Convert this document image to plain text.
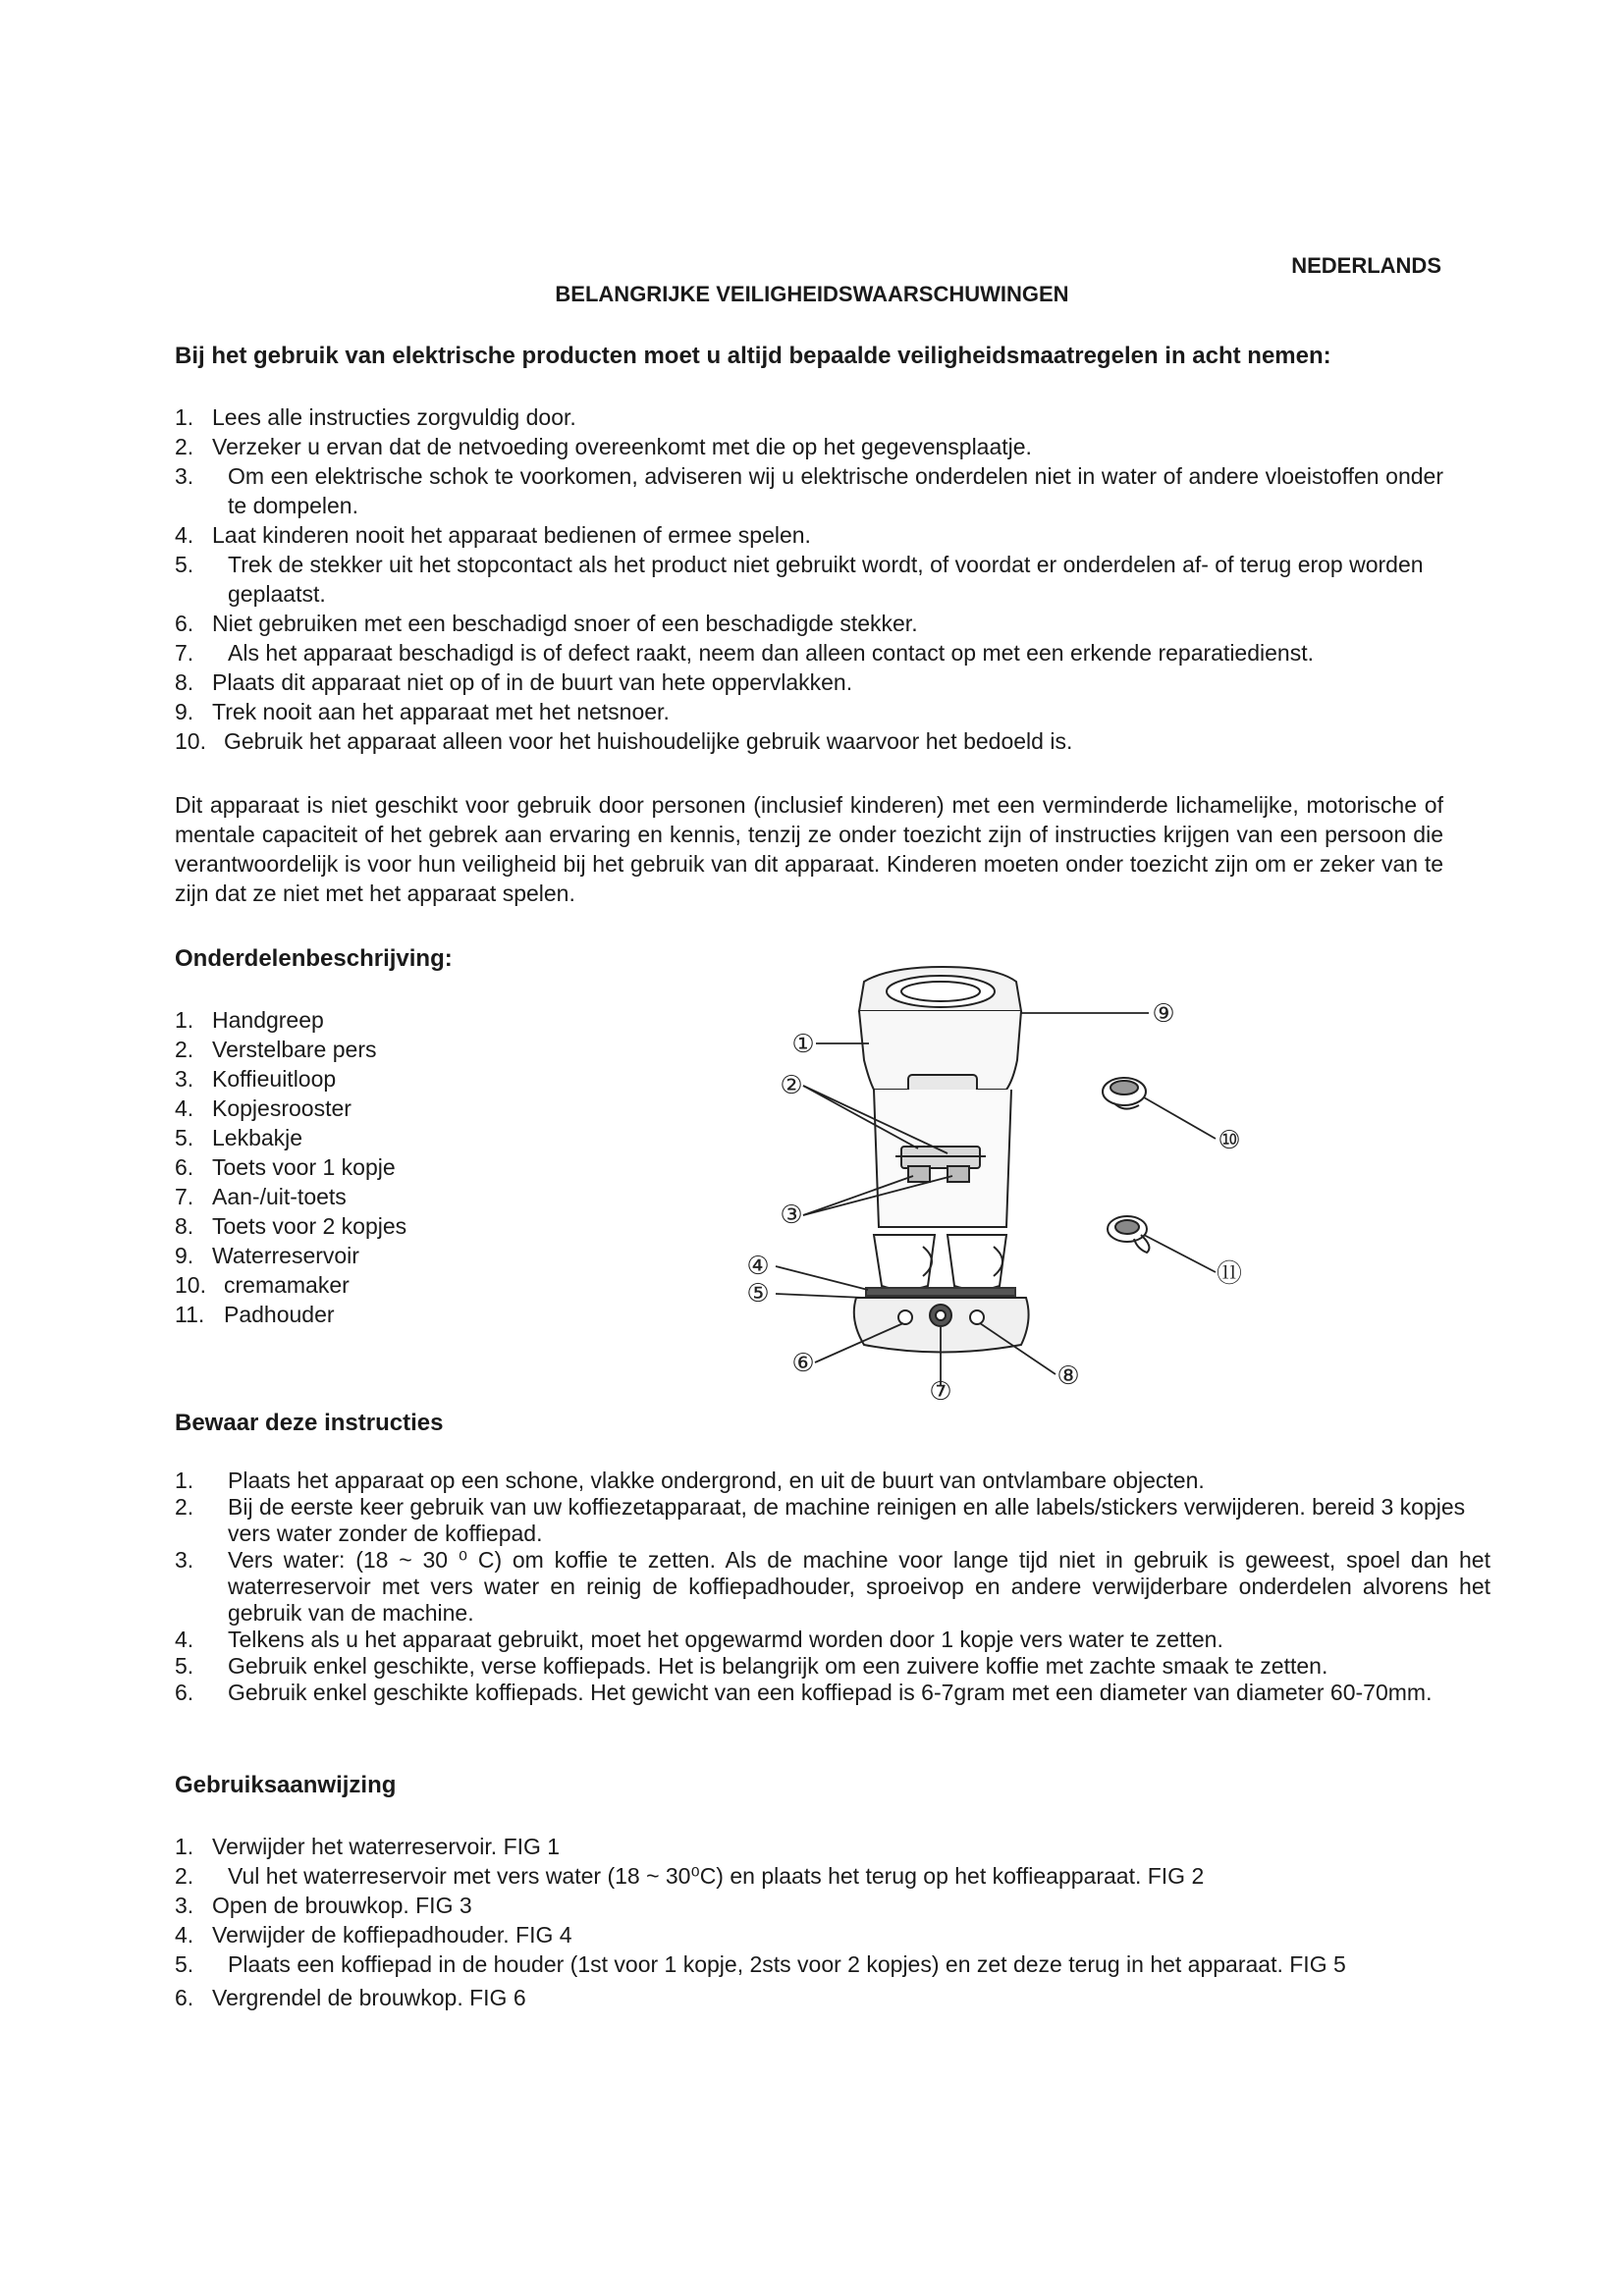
NEDERLANDS
BELANGRIJKE VEILIGHEIDSWAARSCHUWINGEN
Bij het gebruik van elektrische producten moet u altijd bepaalde veiligheidsmaatregelen in acht nemen:
1. Lees alle instructies zorgvuldig door.
2. Verzeker u ervan dat de netvoeding overeenkomt met die op het gegevensplaatje.
3. Om een elektrische schok te voorkomen, adviseren wij u elektrische onderdelen niet in water of andere vloeistoffen onder te dompelen.
4. Laat kinderen nooit het apparaat bedienen of ermee spelen.
5. Trek de stekker uit het stopcontact als het product niet gebruikt wordt, of voordat er onderdelen af- of terug erop worden geplaatst.
6. Niet gebruiken met een beschadigd snoer of een beschadigde stekker.
7. Als het apparaat beschadigd is of defect raakt, neem dan alleen contact op met een erkende reparatiedienst.
8. Plaats dit apparaat niet op of in de buurt van hete oppervlakken.
9. Trek nooit aan het apparaat met het netsnoer.
10. Gebruik het apparaat alleen voor het huishoudelijke gebruik waarvoor het bedoeld is.
Dit apparaat is niet geschikt voor gebruik door personen (inclusief kinderen) met een verminderde lichamelijke, motorische of mentale capaciteit of het gebrek aan ervaring en kennis, tenzij ze onder toezicht zijn of instructies krijgen van een persoon die verantwoordelijk is voor hun veiligheid bij het gebruik van dit apparaat. Kinderen moeten onder toezicht zijn om er zeker van te zijn dat ze niet met het apparaat spelen.
Onderdelenbeschrijving:
1. Handgreep
2. Verstelbare pers
3. Koffieuitloop
4. Kopjesrooster
5. Lekbakje
6. Toets voor 1 kopje
7. Aan-/uit-toets
8. Toets voor 2 kopjes
9. Waterreservoir
10. cremamaker
11. Padhouder
①
②
③
④
⑤
⑥
⑦
⑧
⑨
⑩
⑪
Bewaar deze instructies
1. Plaats het apparaat op een schone, vlakke ondergrond, en uit de buurt van ontvlambare objecten.
2. Bij de eerste keer gebruik van uw koffiezetapparaat, de machine reinigen en alle labels/stickers verwijderen. bereid 3 kopjes vers water zonder de koffiepad.
3. Vers water: (18 ~ 30 ⁰ C) om koffie te zetten. Als de machine voor lange tijd niet in gebruik is geweest, spoel dan het waterreservoir met vers water en reinig de koffiepadhouder, sproeivop en andere verwijderbare onderdelen alvorens het gebruik van de machine.
4. Telkens als u het apparaat gebruikt, moet het opgewarmd worden door 1 kopje vers water te zetten.
5. Gebruik enkel geschikte, verse koffiepads. Het is belangrijk om een zuivere koffie met zachte smaak te zetten.
6. Gebruik enkel geschikte koffiepads. Het gewicht van een koffiepad is 6-7gram met een diameter van diameter 60-70mm.
Gebruiksaanwijzing
1. Verwijder het waterreservoir. FIG 1
2. Vul het waterreservoir met vers water (18 ~ 30⁰C) en plaats het terug op het koffieapparaat. FIG 2
3. Open de brouwkop. FIG 3
4. Verwijder de koffiepadhouder. FIG 4
5. Plaats een koffiepad in de houder (1st voor 1 kopje, 2sts voor 2 kopjes) en zet deze terug in het apparaat. FIG 5
6. Vergrendel de brouwkop. FIG 6
